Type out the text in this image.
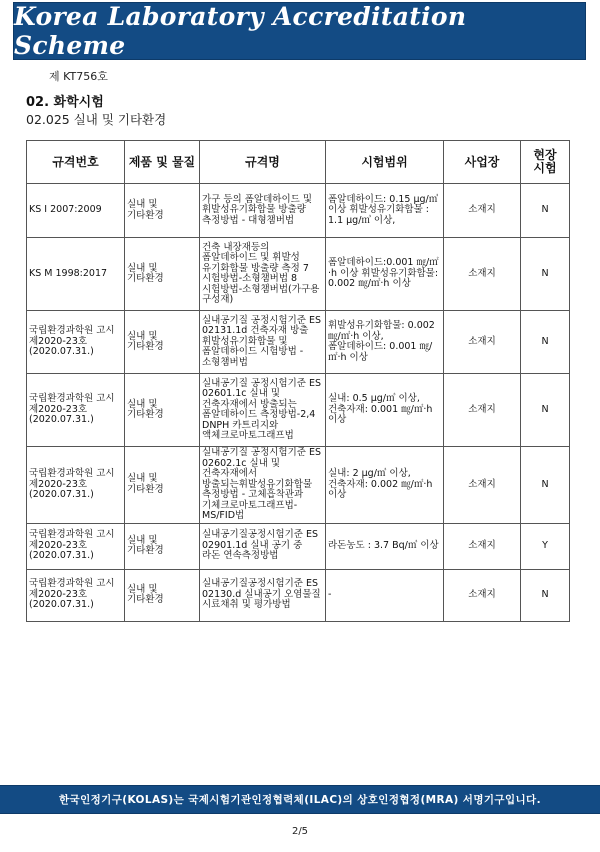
Korea Laboratory Accreditation Scheme
제 KT756호
02. 화학시험
02.025 실내 및 기타환경
규격번호	제품 및 물질	규격명	시험범위	사업장	현장
시험

KS I 2007:2009	실내 및 기타환경	가구 등의 폼알데하이드 및 휘발성유기화합물 방출량 측정방법 - 대형챔버법	폼알데하이드: 0.15 μg/㎥ 이상 휘발성유기화합물 : 1.1 μg/㎥ 이상,	소재지	N
KS M 1998:2017	실내 및 기타환경	건축 내장재등의 폼알데하이드 및 휘발성 유기화합물 방출량 측정 7 시험방법-소형챔버법 8 시험방법-소형챔버법(가구용 구성재)	폼알데하이드:0.001 ㎎/㎡·h 이상 휘발성유기화합물: 0.002 ㎎/㎡·h 이상	소재지	N
국립환경과학원 고시 제2020-23호 (2020.07.31.)	실내 및 기타환경	실내공기질 공정시험기준 ES 02131.1d 건축자재 방출 휘발성유기화합물 및 폼알데하이드 시험방법 - 소형챔버법	휘발성유기화합물: 0.002 ㎎/㎡·h 이상, 폼알데하이드: 0.001 ㎎/㎡·h 이상	소재지	N
국립환경과학원 고시 제2020-23호 (2020.07.31.)	실내 및 기타환경	실내공기질 공정시험기준 ES 02601.1c 실내 및 건축자재에서 방출되는 폼알데하이드 측정방법-2,4 DNPH 카트리지와 액체크로마토그래프법	실내: 0.5 μg/㎥ 이상, 건축자재: 0.001 ㎎/㎡·h 이상	소재지	N
국립환경과학원 고시 제2020-23호 (2020.07.31.)	실내 및 기타환경	실내공기질 공정시험기준 ES 02602.1c 실내 및 건축자재에서 방출되는휘발성유기화합물 측정방법 - 고체흡착관과 기체크로마토그래프법-MS/FID법	실내: 2 μg/㎥ 이상, 건축자재: 0.002 ㎎/㎡·h 이상	소재지	N
국립환경과학원 고시 제2020-23호 (2020.07.31.)	실내 및 기타환경	실내공기질공정시험기준 ES 02901.1d 실내 공기 중 라돈 연속측정방법	라돈농도 : 3.7 Bq/㎥ 이상	소재지	Y
국립환경과학원 고시 제2020-23호 (2020.07.31.)	실내 및 기타환경	실내공기질공정시험기준 ES 02130.d 실내공기 오염물질 시료채취 및 평가방법	-	소재지	N
한국인정기구(KOLAS)는 국제시험기관인정협력체(ILAC)의 상호인정협정(MRA) 서명기구입니다.
2/5
